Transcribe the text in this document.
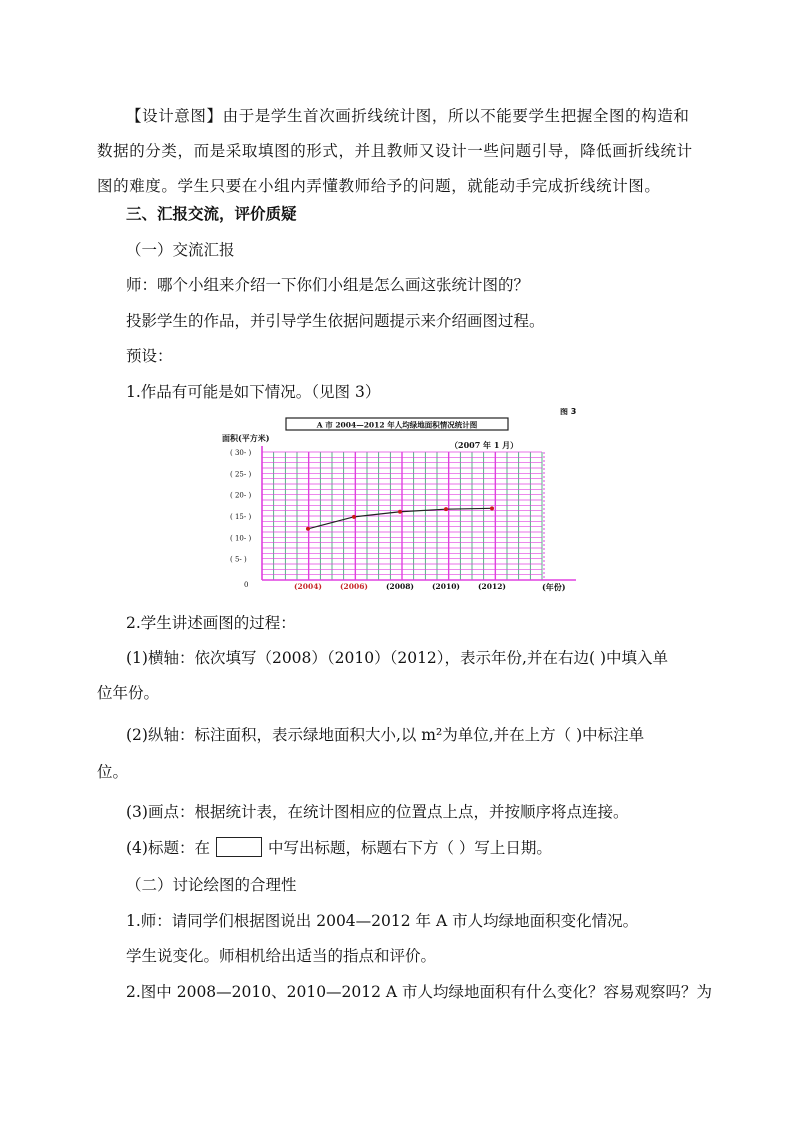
【设计意图】由于是学生首次画折线统计图，所以不能要学生把握全图的构造和
数据的分类，而是采取填图的形式，并且教师又设计一些问题引导，降低画折线统计
图的难度。学生只要在小组内弄懂教师给予的问题，就能动手完成折线统计图。
三、汇报交流，评价质疑
（一）交流汇报
师：哪个小组来介绍一下你们小组是怎么画这张统计图的？
投影学生的作品，并引导学生依据问题提示来介绍画图过程。
预设：
1.作品有可能是如下情况。（见图 3）
A 市 2004—2012 年人均绿地面积情况统计图
图 3
（2007 年 1 月）
面积(平方米)
(年份)
0
( 30- )
( 25- )
( 20- )
( 15- )
( 10- )
( 5- )
(2004) (2006) (2008) (2010) (2012)
2.学生讲述画图的过程：
(1)横轴：依次填写（2008）（2010）（2012），表示年份,并在右边( )中填入单
位年份。
(2)纵轴：标注面积，表示绿地面积大小,以 m²为单位,并在上方（ )中标注单
位。
(3)画点：根据统计表，在统计图相应的位置点上点，并按顺序将点连接。
(4)标题：在	中写出标题，标题右下方（ ）写上日期。
（二）讨论绘图的合理性
1.师：请同学们根据图说出 2004—2012 年 A 市人均绿地面积变化情况。
学生说变化。师相机给出适当的指点和评价。
2.图中 2008—2010、2010—2012 A 市人均绿地面积有什么变化？容易观察吗？为
